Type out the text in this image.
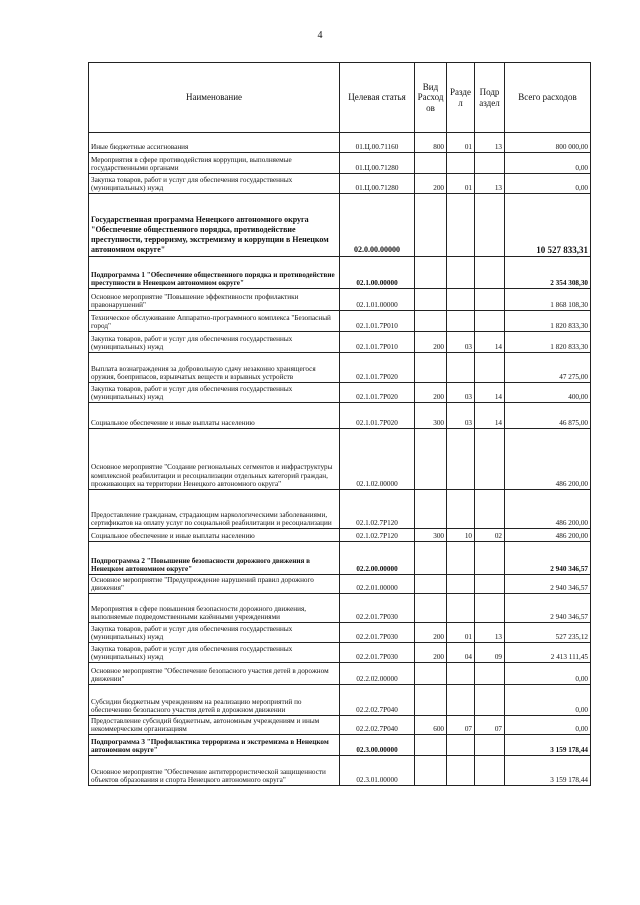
4
Наименование	Целевая статья	Вид Расход ов	Разде л	Подр аздел	Всего расходов
Иные бюджетные ассигнования	01.Ц.00.71160	800	01	13	800 000,00
Мероприятия в сфере противодействия коррупции, выполняемые государственными органами	01.Ц.00.71280				0,00
Закупка товаров, работ и услуг для обеспечения государственных (муниципальных) нужд	01.Ц.00.71280	200	01	13	0,00
Государственная программа Ненецкого автономного округа "Обеспечение общественного порядка, противодействие преступности, терроризму, экстремизму и коррупции в Ненецком автономном округе"	02.0.00.00000				10 527 833,31
Подпрограмма 1 "Обеспечение общественного порядка и противодействие преступности в Ненецком автономном округе"	02.1.00.00000				2 354 308,30
Основное мероприятие "Повышение эффективности профилактики правонарушений"	02.1.01.00000				1 868 108,30
Техническое обслуживание Аппаратно-программного комплекса "Безопасный город"	02.1.01.7Р010				1 820 833,30
Закупка товаров, работ и услуг для обеспечения государственных (муниципальных) нужд	02.1.01.7Р010	200	03	14	1 820 833,30
Выплата вознаграждения за добровольную сдачу незаконно хранящегося оружия, боеприпасов, взрывчатых веществ и взрывных устройств	02.1.01.7Р020				47 275,00
Закупка товаров, работ и услуг для обеспечения государственных (муниципальных) нужд	02.1.01.7Р020	200	03	14	400,00
Социальное обеспечение и иные выплаты населению	02.1.01.7Р020	300	03	14	46 875,00
Основное мероприятие "Создание региональных сегментов и инфраструктуры комплексной реабилитации и ресоциализации отдельных категорий граждан, проживающих на территории Ненецкого автономного округа"	02.1.02.00000				486 200,00
Предоставление гражданам, страдающим наркологическими заболеваниями, сертификатов на оплату услуг по социальной реабилитации и ресоциализации	02.1.02.7Р120				486 200,00
Социальное обеспечение и иные выплаты населению	02.1.02.7Р120	300	10	02	486 200,00
Подпрограмма 2 "Повышение безопасности дорожного движения в Ненецком автономном округе"	02.2.00.00000				2 940 346,57
Основное мероприятие "Предупреждение нарушений правил дорожного движения"	02.2.01.00000				2 940 346,57
Мероприятия в сфере повышения безопасности дорожного движения, выполняемые подведомственными казёнными учреждениями	02.2.01.7Р030				2 940 346,57
Закупка товаров, работ и услуг для обеспечения государственных (муниципальных) нужд	02.2.01.7Р030	200	01	13	527 235,12
Закупка товаров, работ и услуг для обеспечения государственных (муниципальных) нужд	02.2.01.7Р030	200	04	09	2 413 111,45
Основное мероприятие "Обеспечение безопасного участия детей в дорожном движении"	02.2.02.00000				0,00
Субсидии бюджетным учреждениям на реализацию мероприятий по обеспечению безопасного участия детей в дорожном движении	02.2.02.7Р040				0,00
Предоставление субсидий бюджетным, автономным учреждениям и иным некоммерческим организациям	02.2.02.7Р040	600	07	07	0,00
Подпрограмма 3 "Профилактика терроризма и экстремизма в Ненецком автономном округе"	02.3.00.00000				3 159 178,44
Основное мероприятие "Обеспечение антитеррористической защищенности объектов образования и спорта Ненецкого автономного округа"	02.3.01.00000				3 159 178,44
